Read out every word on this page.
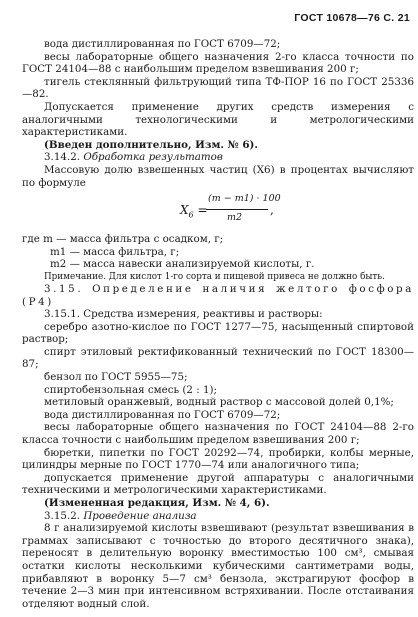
ГОСТ 10678—76 С. 21

вода дистиллированная по ГОСТ 6709—72;

весы лабораторные общего назначения 2-го класса точности по ГОСТ 24104—88 с наибольшим пределом взвешивания 200 г;

тигель стеклянный фильтрующий типа ТФ-ПОР 16 по ГОСТ 25336—82.

Допускается применение других средств измерения с аналогичными технологическими и метрологическими характеристиками.

(Введен дополнительно, Изм. № 6).

3.14.2. Обработка результатов

Массовую долю взвешенных частиц (X6) в процентах вычисляют по формуле

$X_6$ =
(m − m1) · 100
m2
,

где m — масса фильтра с осадком, г;

m1 — масса фильтра, г;

m2 — масса навески анализируемой кислоты, г.

Примечание. Для кислот 1-го сорта и пищевой привеса не должно быть.

3.15. Определение наличия желтого фосфора (P4)

3.15.1. Средства измерения, реактивы и растворы:

серебро азотно-кислое по ГОСТ 1277—75, насыщенный спиртовой раствор;

спирт этиловый ректификованный технический по ГОСТ 18300—87;

бензол по ГОСТ 5955—75;

спиртобензольная смесь (2 : 1);

метиловый оранжевый, водный раствор с массовой долей 0,1%;

вода дистиллированная по ГОСТ 6709—72;

весы лабораторные общего назначения по ГОСТ 24104—88 2-го класса точности с наибольшим пределом взвешивания 200 г;

бюретки, пипетки по ГОСТ 20292—74, пробирки, колбы мерные, цилиндры мерные по ГОСТ 1770—74 или аналогичного типа;

допускается применение другой аппаратуры с аналогичными техническими и метрологическими характеристиками.

(Измененная редакция, Изм. № 4, 6).

3.15.2. Проведение анализа

8 г анализируемой кислоты взвешивают (результат взвешивания в граммах записывают с точностью до второго десятичного знака), переносят в делительную воронку вместимостью 100 см³, смывая остатки кислоты несколькими кубическими сантиметрами воды, прибавляют в воронку 5—7 см³ бензола, экстрагируют фосфор в течение 2—3 мин при интенсивном встряхивании. После отстаивания отделяют водный слой.
